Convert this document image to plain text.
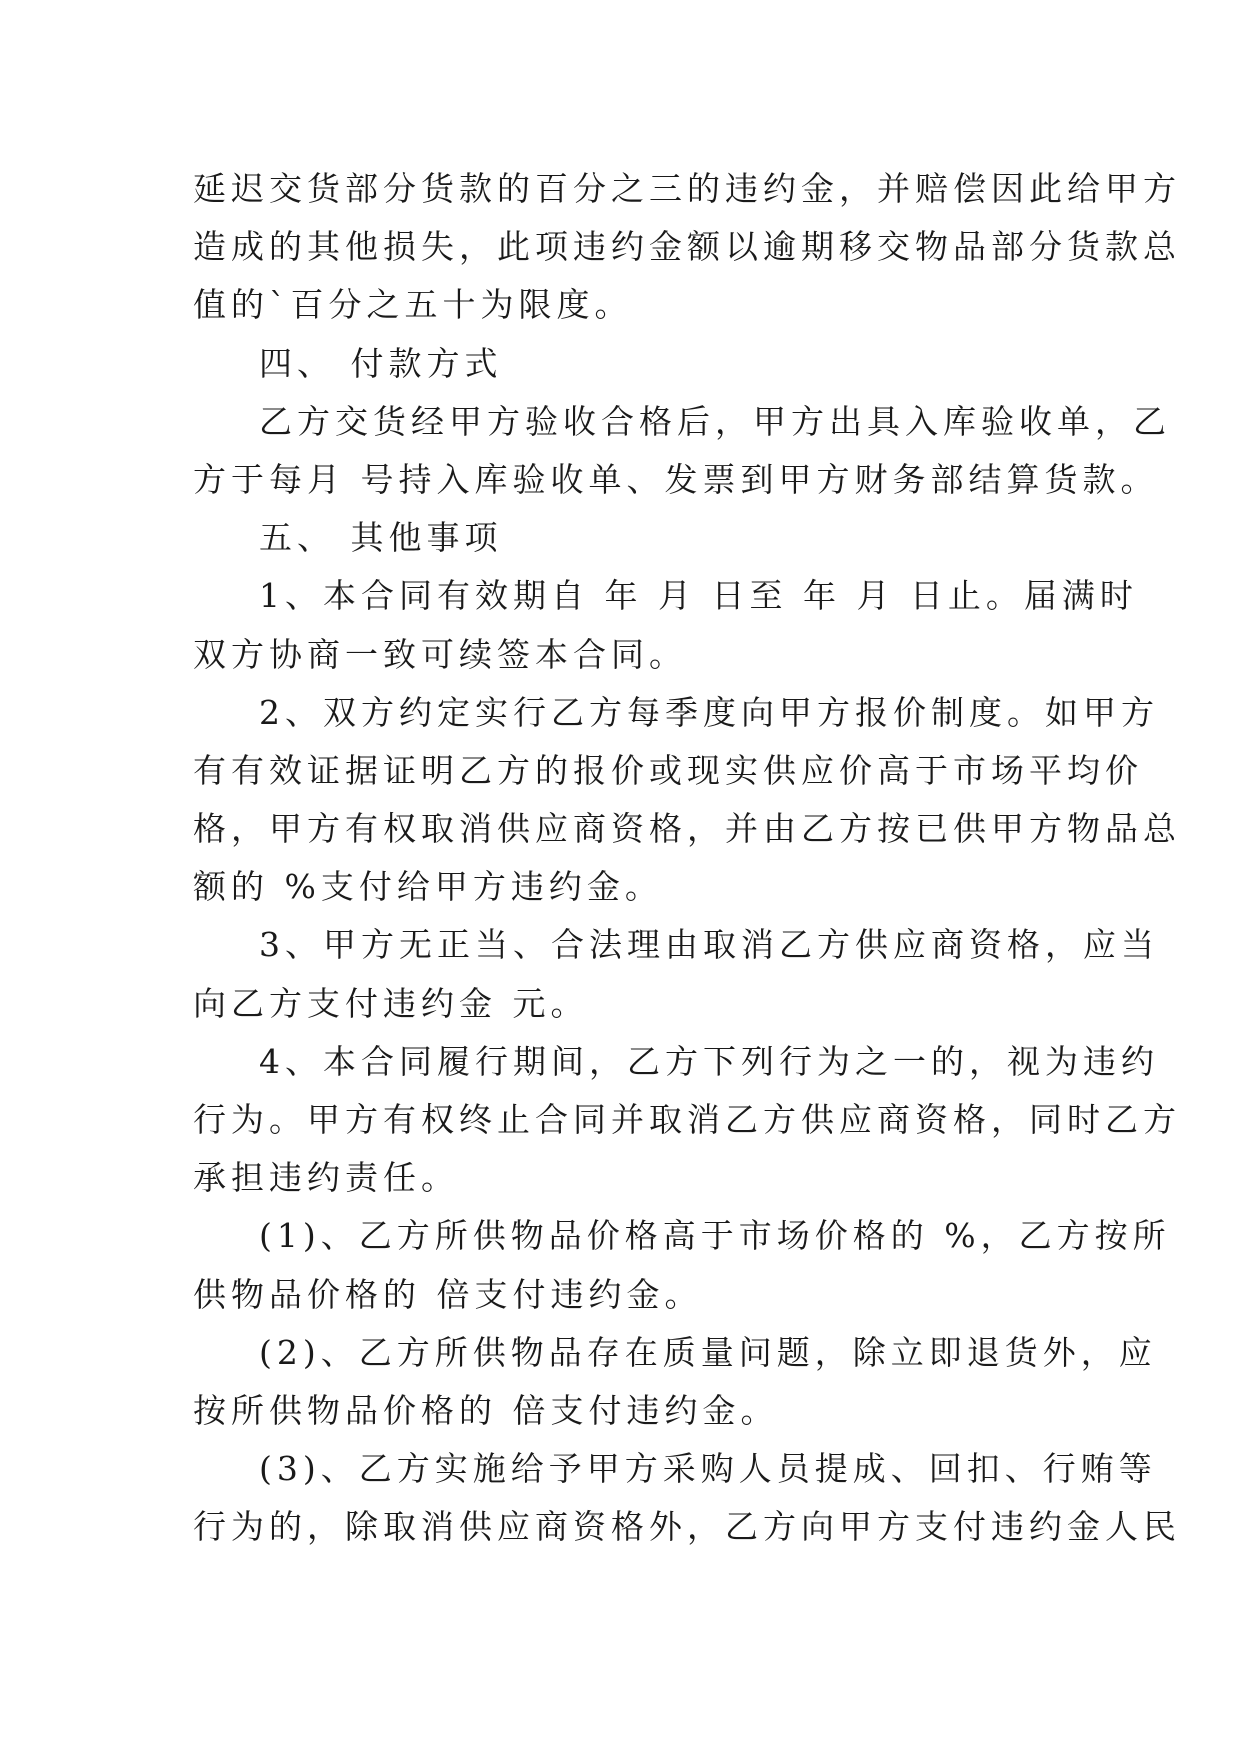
延迟交货部分货款的百分之三的违约金，并赔偿因此给甲方
造成的其他损失，此项违约金额以逾期移交物品部分货款总
值的`百分之五十为限度。
四、 付款方式
乙方交货经甲方验收合格后，甲方出具入库验收单，乙
方于每月 号持入库验收单、发票到甲方财务部结算货款。
五、 其他事项
1、本合同有效期自 年 月 日至 年 月 日止。届满时
双方协商一致可续签本合同。
2、双方约定实行乙方每季度向甲方报价制度。如甲方
有有效证据证明乙方的报价或现实供应价高于市场平均价
格，甲方有权取消供应商资格，并由乙方按已供甲方物品总
额的 %支付给甲方违约金。
3、甲方无正当、合法理由取消乙方供应商资格，应当
向乙方支付违约金 元。
4、本合同履行期间，乙方下列行为之一的，视为违约
行为。甲方有权终止合同并取消乙方供应商资格，同时乙方
承担违约责任。
(1)、乙方所供物品价格高于市场价格的 %，乙方按所
供物品价格的 倍支付违约金。
(2)、乙方所供物品存在质量问题，除立即退货外，应
按所供物品价格的 倍支付违约金。
(3)、乙方实施给予甲方采购人员提成、回扣、行贿等
行为的，除取消供应商资格外，乙方向甲方支付违约金人民
